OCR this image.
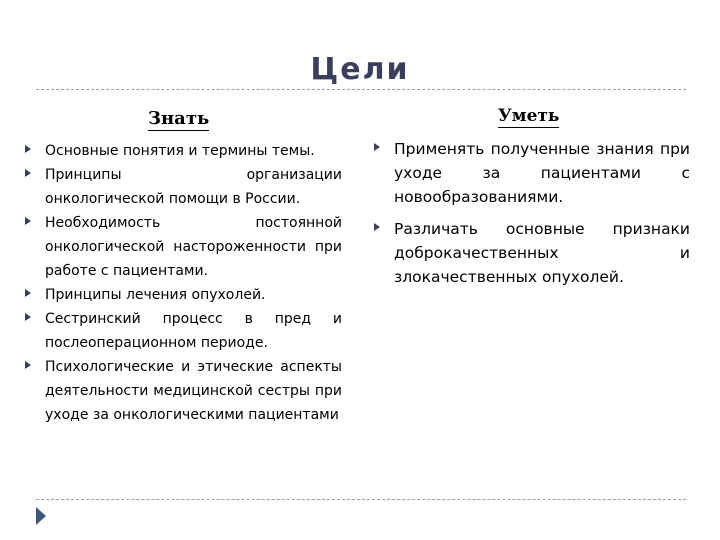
Цели
Знать	Уметь
Основные понятия и термины темы.
Принципы организации онкологической помощи в России.
Необходимость постоянной онкологической настороженности при работе с пациентами.
Принципы лечения опухолей.
Сестринский процесс в пред и послеоперационном периоде.
Психологические и этические аспекты деятельности медицинской сестры при уходе за онкологическими пациентами
Применять полученные знания при уходе за пациентами с новообразованиями.
Различать основные признаки доброкачественных и злокачественных опухолей.
